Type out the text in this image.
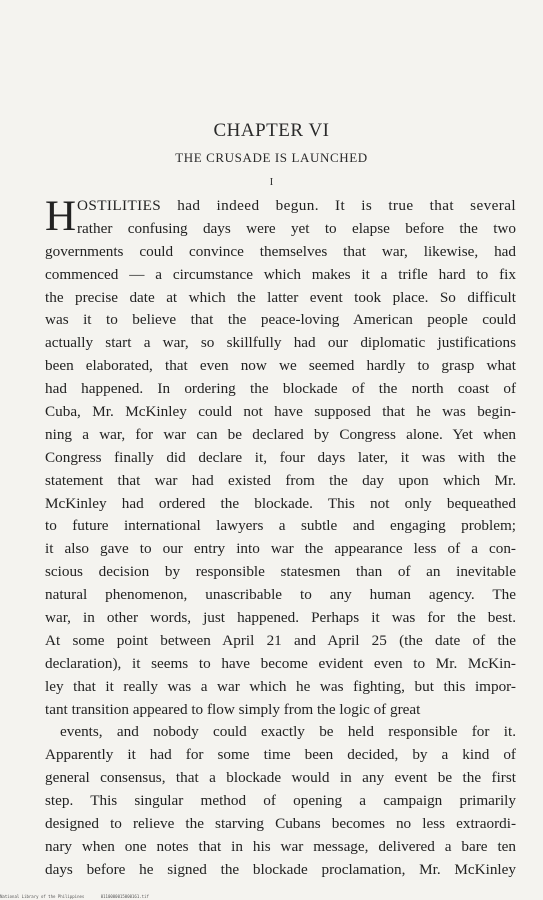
CHAPTER VI
THE CRUSADE IS LAUNCHED
I
H OSTILITIES had indeed begun. It is true that several
rather confusing days were yet to elapse before the two
governments could convince themselves that war, likewise, had
commenced — a circumstance which makes it a trifle hard to fix
the precise date at which the latter event took place. So difficult
was it to believe that the peace-loving American people could
actually start a war, so skillfully had our diplomatic justifications
been elaborated, that even now we seemed hardly to grasp what
had happened. In ordering the blockade of the north coast of
Cuba, Mr. McKinley could not have supposed that he was begin-
ning a war, for war can be declared by Congress alone. Yet when
Congress finally did declare it, four days later, it was with the
statement that war had existed from the day upon which Mr.
McKinley had ordered the blockade. This not only bequeathed
to future international lawyers a subtle and engaging problem;
it also gave to our entry into war the appearance less of a con-
scious decision by responsible statesmen than of an inevitable
natural phenomenon, unascribable to any human agency. The
war, in other words, just happened. Perhaps it was for the best.
At some point between April 21 and April 25 (the date of the
declaration), it seems to have become evident even to Mr. McKin-
ley that it really was a war which he was fighting, but this impor-
tant transition appeared to flow simply from the logic of great
events, and nobody could exactly be held responsible for it.
Apparently it had for some time been decided, by a kind of
general consensus, that a blockade would in any event be the first
step. This singular method of opening a campaign primarily
designed to relieve the starving Cubans becomes no less extraordi-
nary when one notes that in his war message, delivered a bare ten
days before he signed the blockade proclamation, Mr. McKinley
National Library of the Philippines	0110000015000161.tif
